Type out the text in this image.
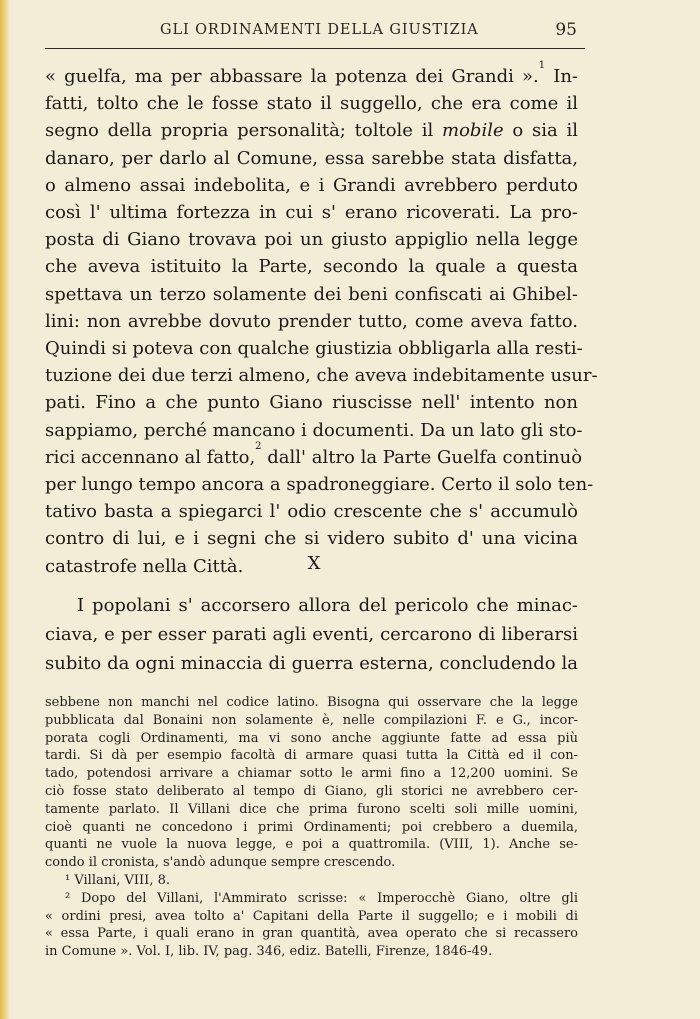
GLI ORDINAMENTI DELLA GIUSTIZIA	95
« guelfa, ma per abbassare la potenza dei Grandi ».$^1$ In-
fatti, tolto che le fosse stato il suggello, che era come il
segno della propria personalità; toltole il mobile o sia il
danaro, per darlo al Comune, essa sarebbe stata disfatta,
o almeno assai indebolita, e i Grandi avrebbero perduto
così l' ultima fortezza in cui s' erano ricoverati. La pro-
posta di Giano trovava poi un giusto appiglio nella legge
che aveva istituito la Parte, secondo la quale a questa
spettava un terzo solamente dei beni confiscati ai Ghibel-
lini: non avrebbe dovuto prender tutto, come aveva fatto.
Quindi si poteva con qualche giustizia obbligarla alla resti-
tuzione dei due terzi almeno, che aveva indebitamente usur-
pati. Fino a che punto Giano riuscisse nell' intento non
sappiamo, perché mancano i documenti. Da un lato gli sto-
rici accennano al fatto,$^2$ dall' altro la Parte Guelfa continuò
per lungo tempo ancora a spadroneggiare. Certo il solo ten-
tativo basta a spiegarci l' odio crescente che s' accumulò
contro di lui, e i segni che si videro subito d' una vicina
catastrofe nella Città.	X
I popolani s' accorsero allora del pericolo che minac-
ciava, e per esser parati agli eventi, cercarono di liberarsi
subito da ogni minaccia di guerra esterna, concludendo la
sebbene non manchi nel codice latino. Bisogna qui osservare che la legge
pubblicata dal Bonaini non solamente è, nelle compilazioni F. e G., incor-
porata cogli Ordinamenti, ma vi sono anche aggiunte fatte ad essa più
tardi. Si dà per esempio facoltà di armare quasi tutta la Città ed il con-
tado, potendosi arrivare a chiamar sotto le armi fino a 12,200 uomini. Se
ciò fosse stato deliberato al tempo di Giano, gli storici ne avrebbero cer-
tamente parlato. Il Villani dice che prima furono scelti soli mille uomini,
cioè quanti ne concedono i primi Ordinamenti; poi crebbero a duemila,
quanti ne vuole la nuova legge, e poi a quattromila. (VIII, 1). Anche se-
condo il cronista, s'andò adunque sempre crescendo.
¹ Villani, VIII, 8.
² Dopo del Villani, l'Ammirato scrisse: « Imperocchè Giano, oltre gli
« ordini presi, avea tolto a' Capitani della Parte il suggello; e i mobili di
« essa Parte, i quali erano in gran quantità, avea operato che si recassero
in Comune ». Vol. I, lib. IV, pag. 346, ediz. Batelli, Firenze, 1846-49.
